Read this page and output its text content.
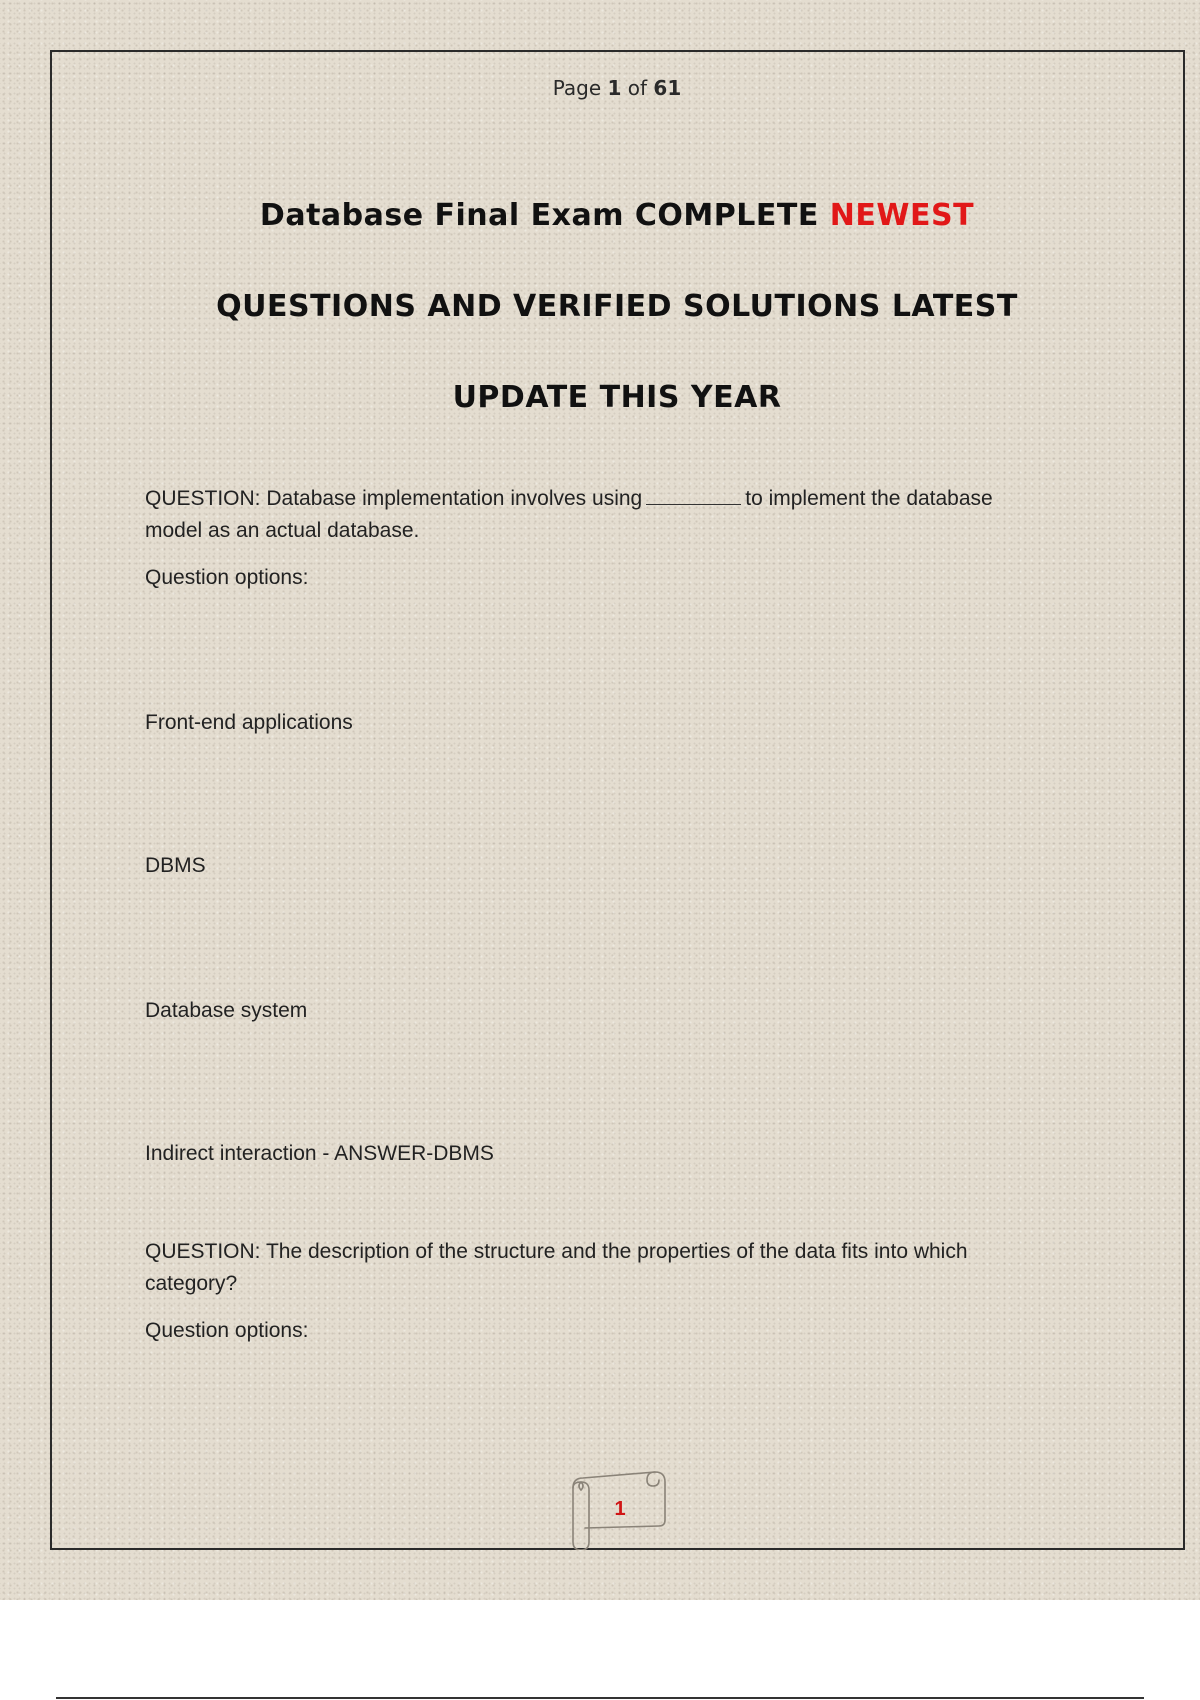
Page 1 of 61
Database Final Exam COMPLETE NEWEST
QUESTIONS AND VERIFIED SOLUTIONS LATEST
UPDATE THIS YEAR
QUESTION: Database implementation involves using	to implement the database
model as an actual database.
Question options:
Front-end applications
DBMS
Database system
Indirect interaction - ANSWER-DBMS
QUESTION: The description of the structure and the properties of the data fits into which
category?
Question options:
1
